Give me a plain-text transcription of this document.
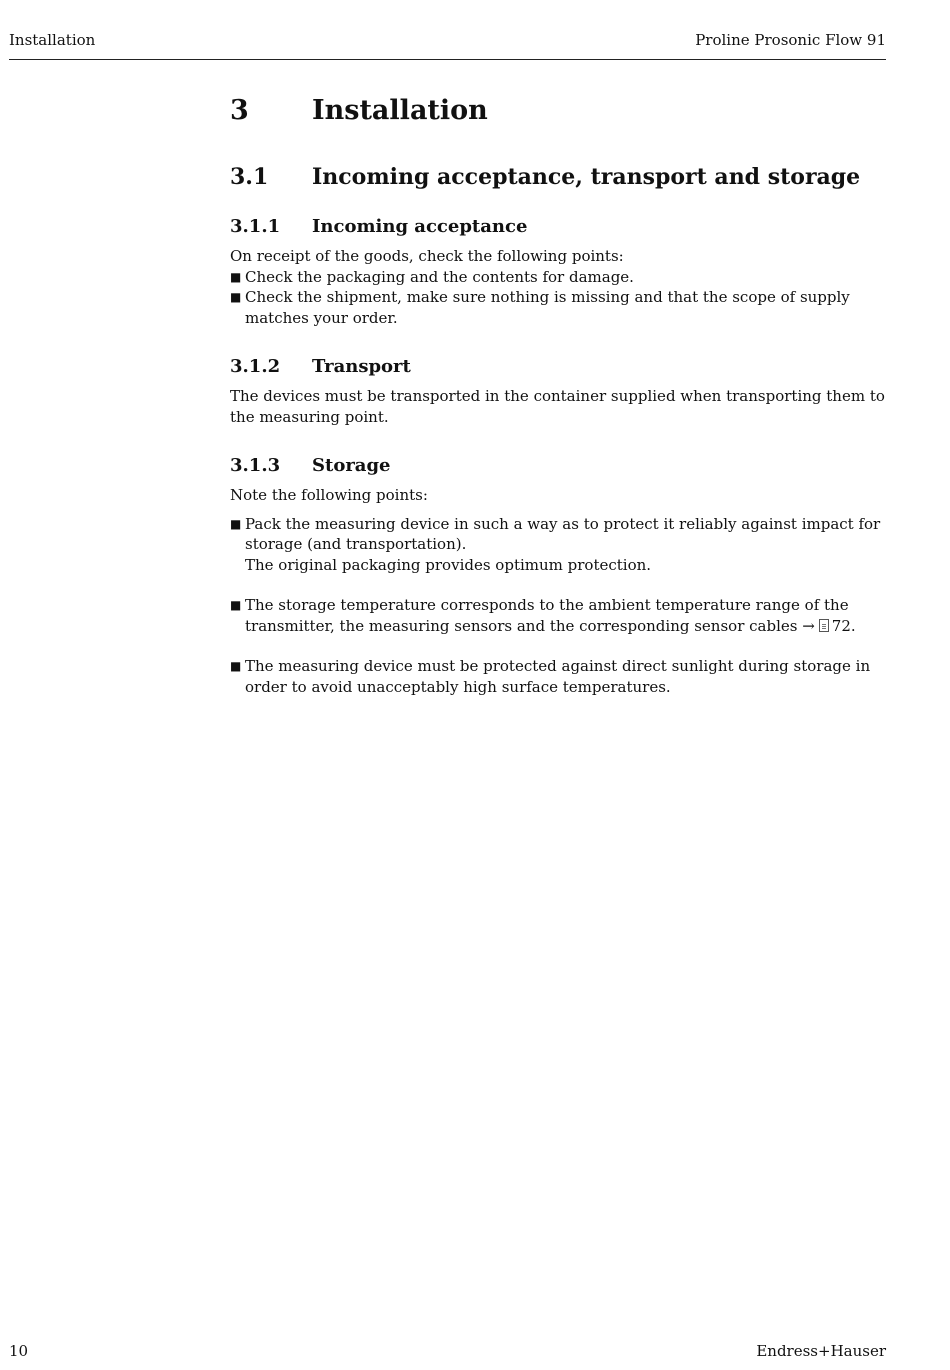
Installation	Proline Prosonic Flow 91
3	Installation
3.1	Incoming acceptance, transport and storage
3.1.1	Incoming acceptance

On receipt of the goods, check the following points:

■ Check the packaging and the contents for damage.
■ Check the shipment, make sure nothing is missing and that the scope of supply matches your order.
3.1.2	Transport

The devices must be transported in the container supplied when transporting them to the measuring point.

3.1.3	Storage

Note the following points:

■ Pack the measuring device in such a way as to protect it reliably against impact for storage (and transportation).
The original packaging provides optimum protection.
■ The storage temperature corresponds to the ambient temperature range of the transmitter, the measuring sensors and the corresponding sensor cables → 72.
■ The measuring device must be protected against direct sunlight during storage in order to avoid unacceptably high surface temperatures.
10	Endress+Hauser
